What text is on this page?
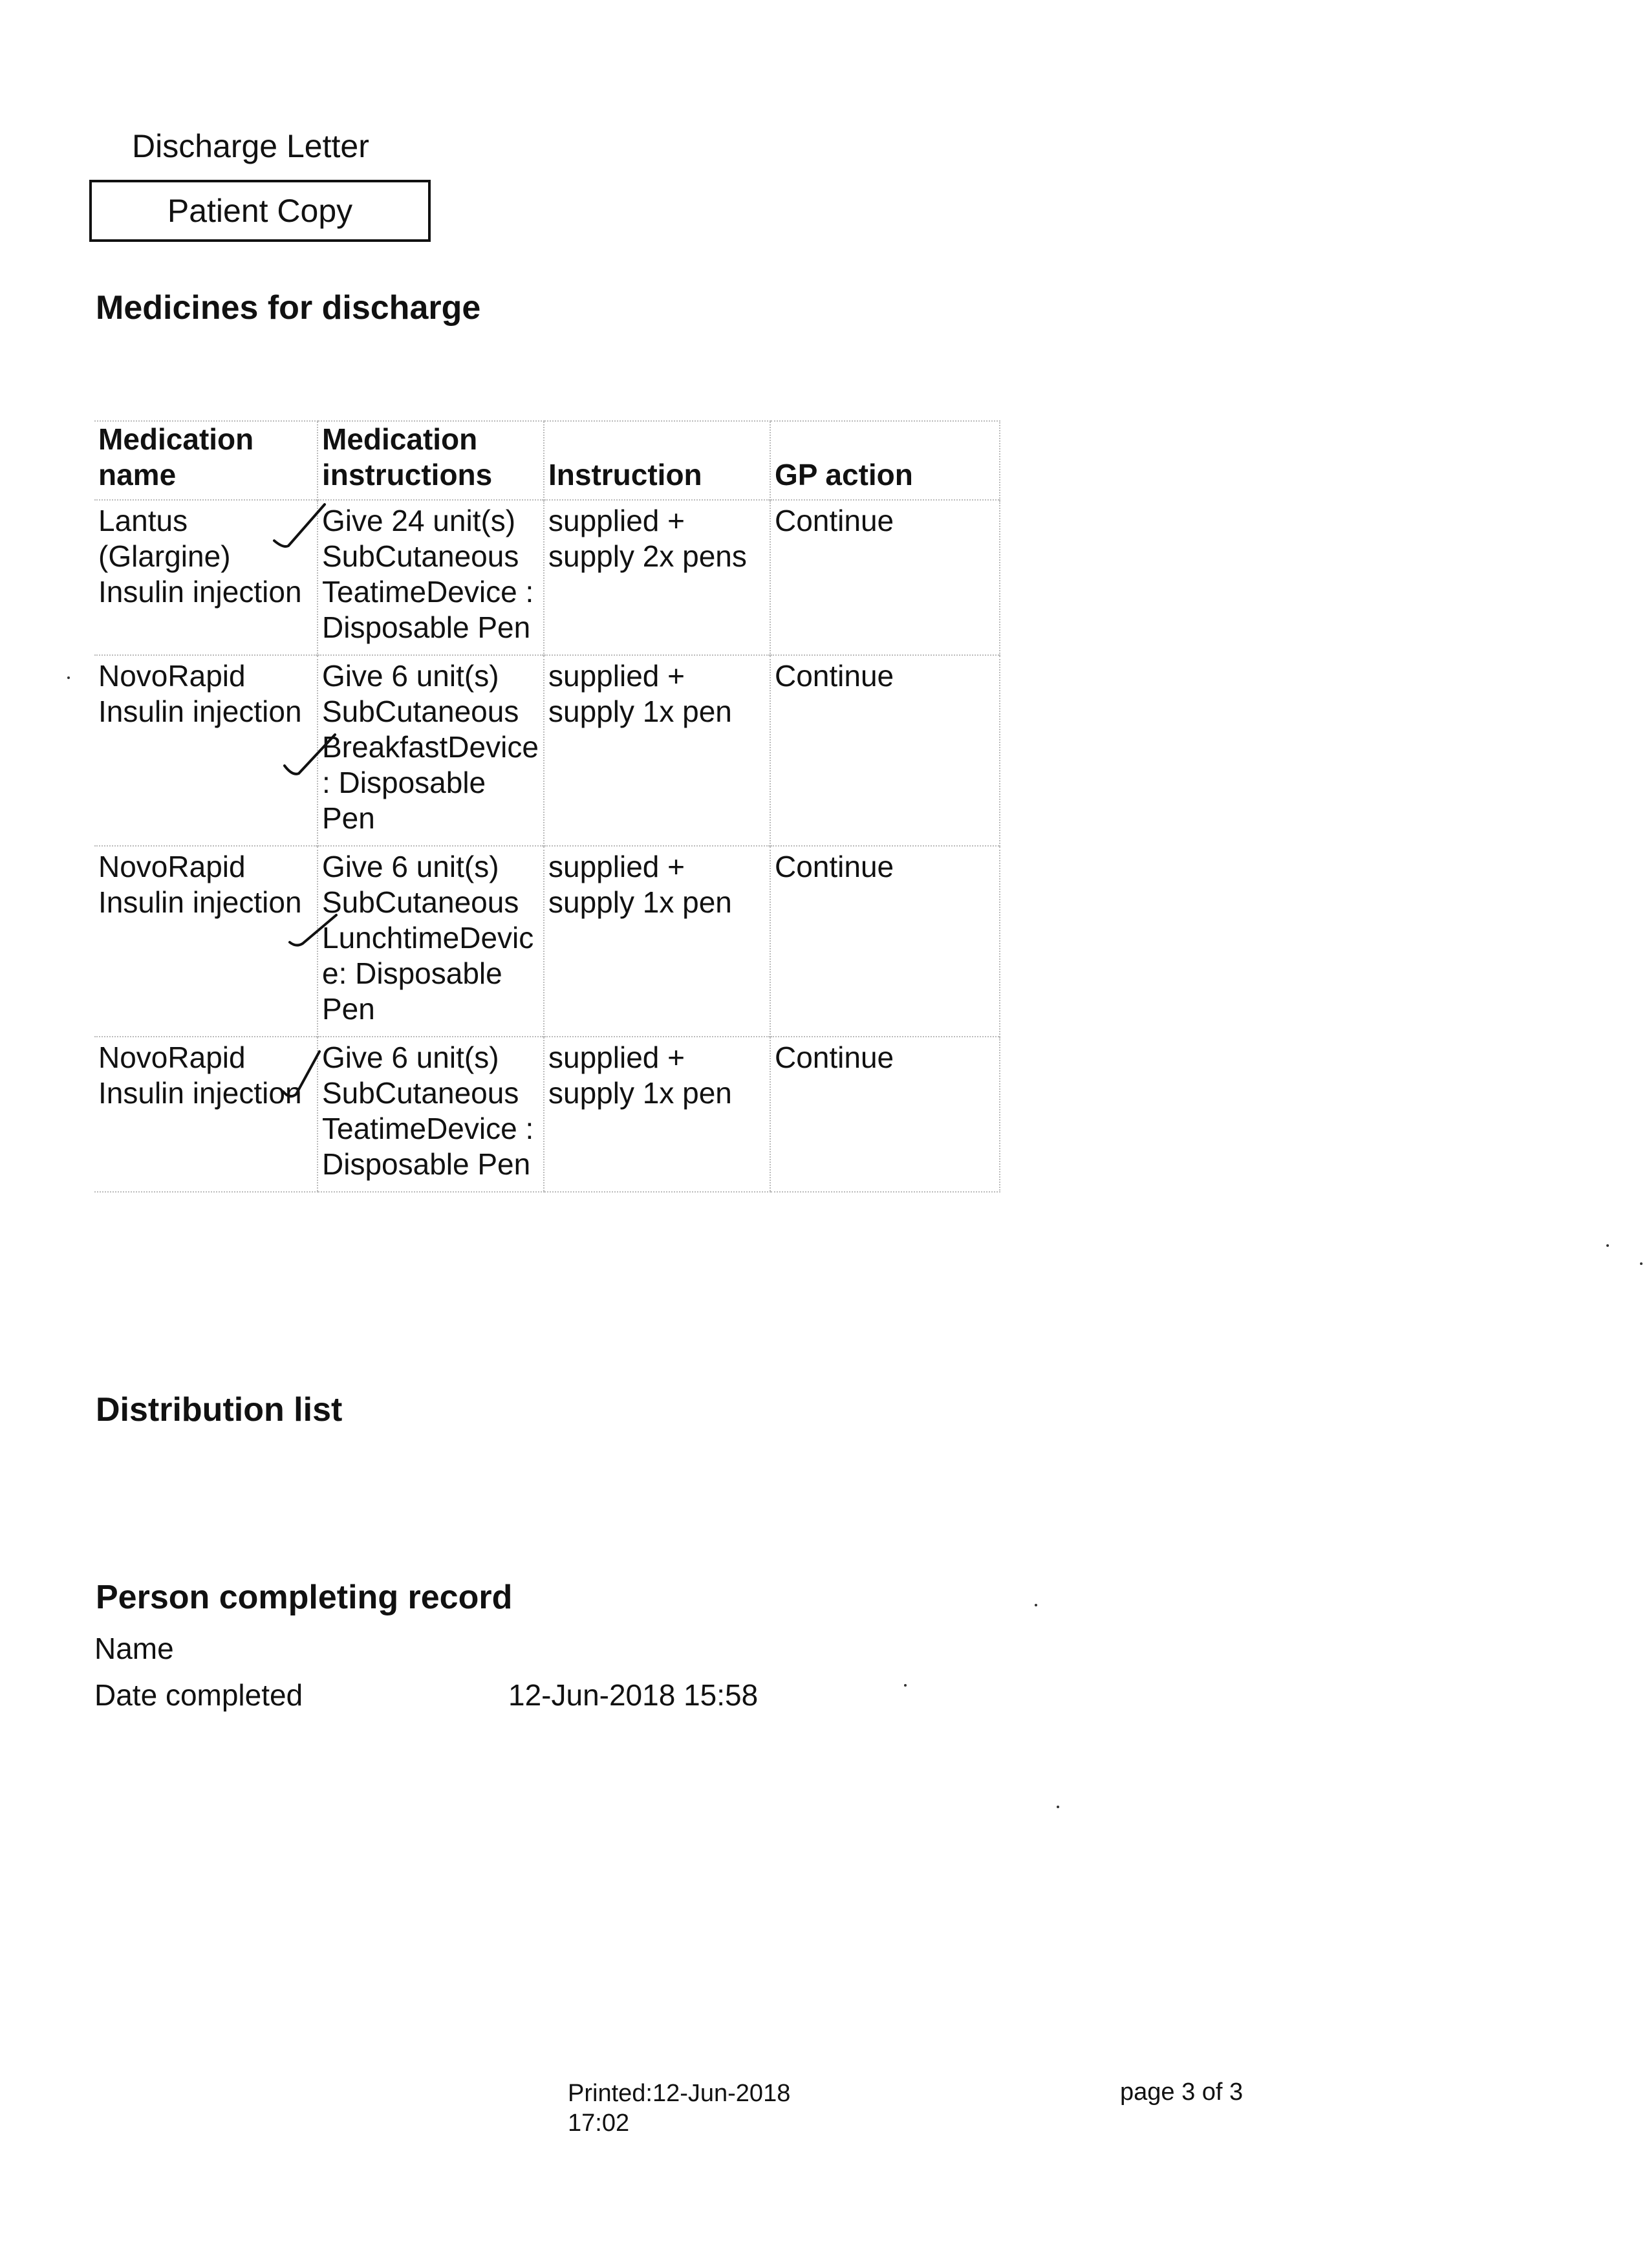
Discharge Letter
Patient Copy
Medicines for discharge
Medication name	Medication instructions	Instruction	GP action

Lantus (Glargine) Insulin injection	Give 24 unit(s) SubCutaneous TeatimeDevice : Disposable Pen	supplied + supply 2x pens	Continue

NovoRapid Insulin injection	Give 6 unit(s) SubCutaneous BreakfastDevice: Disposable Pen	supplied + supply 1x pen	Continue

NovoRapid Insulin injection	Give 6 unit(s) SubCutaneous LunchtimeDevice: Disposable Pen	supplied + supply 1x pen	Continue

NovoRapid Insulin injection	Give 6 unit(s) SubCutaneous TeatimeDevice : Disposable Pen	supplied + supply 1x pen	Continue
Distribution list
Person completing record
Name
Date completed	12-Jun-2018 15:58
Printed:12-Jun-2018 17:02
page 3 of 3
